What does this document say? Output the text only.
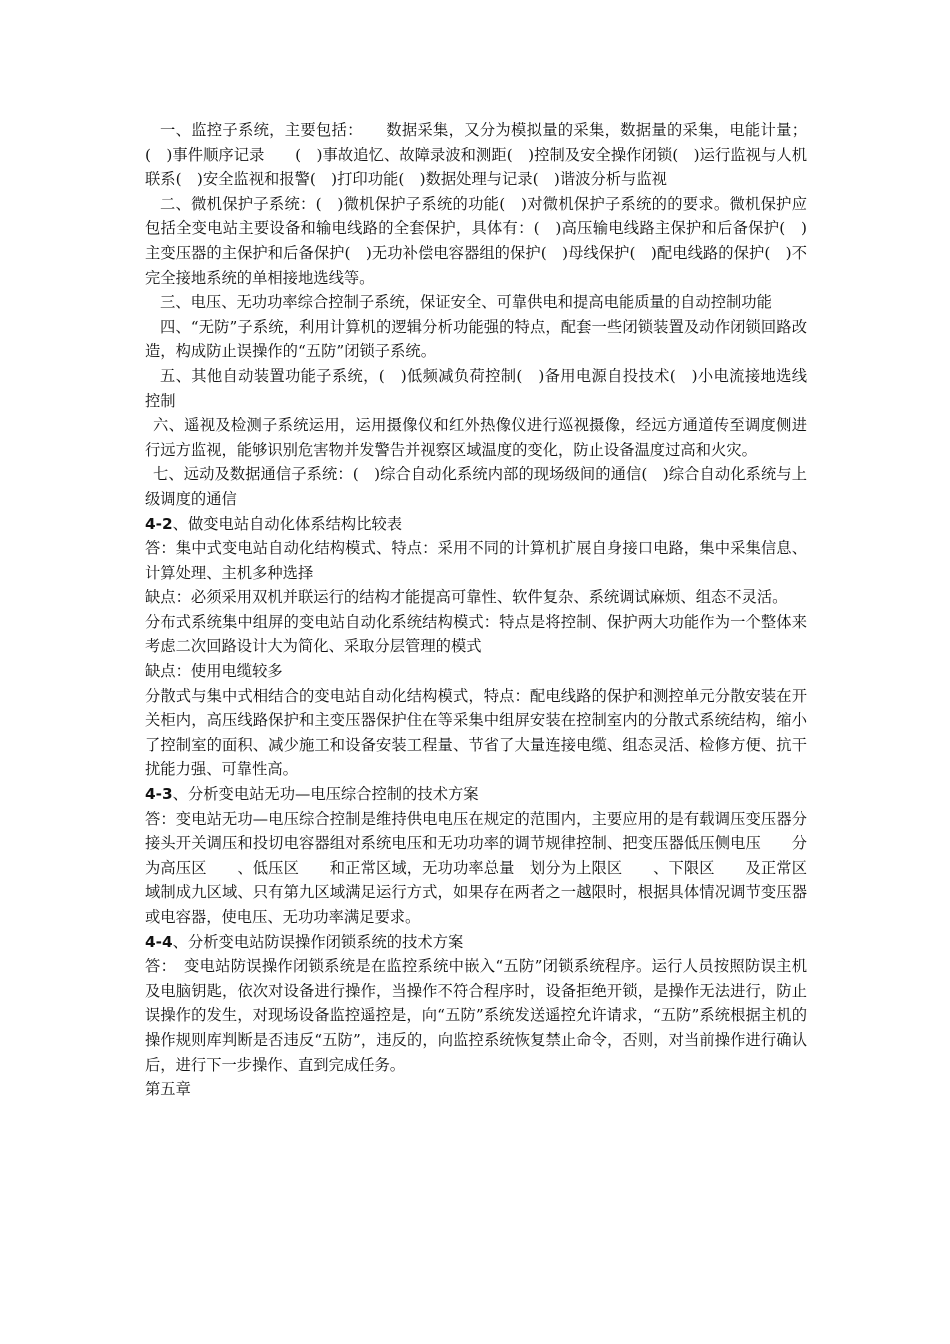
一、监控子系统，主要包括：　　数据采集，又分为模拟量的采集，数据量的采集，电能计量；(　)事件顺序记录　　(　)事故追忆、故障录波和测距(　)控制及安全操作闭锁(　)运行监视与人机联系(　)安全监视和报警(　)打印功能(　)数据处理与记录(　)谐波分析与监视

二、微机保护子系统：(　)微机保护子系统的功能(　)对微机保护子系统的的要求。微机保护应包括全变电站主要设备和输电线路的全套保护，具体有：(　)高压输电线路主保护和后备保护(　)主变压器的主保护和后备保护(　)无功补偿电容器组的保护(　)母线保护(　)配电线路的保护(　)不完全接地系统的单相接地选线等。

三、电压、无功功率综合控制子系统，保证安全、可靠供电和提高电能质量的自动控制功能

四、“无防”子系统，利用计算机的逻辑分析功能强的特点，配套一些闭锁装置及动作闭锁回路改造，构成防止误操作的“五防”闭锁子系统。

五、其他自动装置功能子系统，(　)低频减负荷控制(　)备用电源自投技术(　)小电流接地选线控制

六、遥视及检测子系统运用，运用摄像仪和红外热像仪进行巡视摄像，经远方通道传至调度侧进行远方监视，能够识别危害物并发警告并视察区域温度的变化，防止设备温度过高和火灾。

七、远动及数据通信子系统：(　)综合自动化系统内部的现场级间的通信(　)综合自动化系统与上级调度的通信

4-2、做变电站自动化体系结构比较表

答：集中式变电站自动化结构模式、特点：采用不同的计算机扩展自身接口电路，集中采集信息、计算处理、主机多种选择

缺点：必须采用双机并联运行的结构才能提高可靠性、软件复杂、系统调试麻烦、组态不灵活。

分布式系统集中组屏的变电站自动化系统结构模式：特点是将控制、保护两大功能作为一个整体来考虑二次回路设计大为简化、采取分层管理的模式

缺点：使用电缆较多

分散式与集中式相结合的变电站自动化结构模式，特点：配电线路的保护和测控单元分散安装在开关柜内，高压线路保护和主变压器保护住在等采集中组屏安装在控制室内的分散式系统结构，缩小了控制室的面积、减少施工和设备安装工程量、节省了大量连接电缆、组态灵活、检修方便、抗干扰能力强、可靠性高。

4-3、分析变电站无功—电压综合控制的技术方案

答：变电站无功—电压综合控制是维持供电电压在规定的范围内，主要应用的是有载调压变压器分接头开关调压和投切电容器组对系统电压和无功功率的调节规律控制、把变压器低压侧电压　　分为高压区　　、低压区　　和正常区域，无功功率总量　划分为上限区　　、下限区　　及正常区域制成九区域、只有第九区域满足运行方式，如果存在两者之一越限时，根据具体情况调节变压器或电容器，使电压、无功功率满足要求。

4-4、分析变电站防误操作闭锁系统的技术方案

答：　变电站防误操作闭锁系统是在监控系统中嵌入“五防”闭锁系统程序。运行人员按照防误主机及电脑钥匙，依次对设备进行操作，当操作不符合程序时，设备拒绝开锁，是操作无法进行，防止误操作的发生，对现场设备监控遥控是，向“五防”系统发送遥控允许请求，“五防”系统根据主机的操作规则库判断是否违反“五防”，违反的，向监控系统恢复禁止命令，否则，对当前操作进行确认后，进行下一步操作、直到完成任务。

第五章
